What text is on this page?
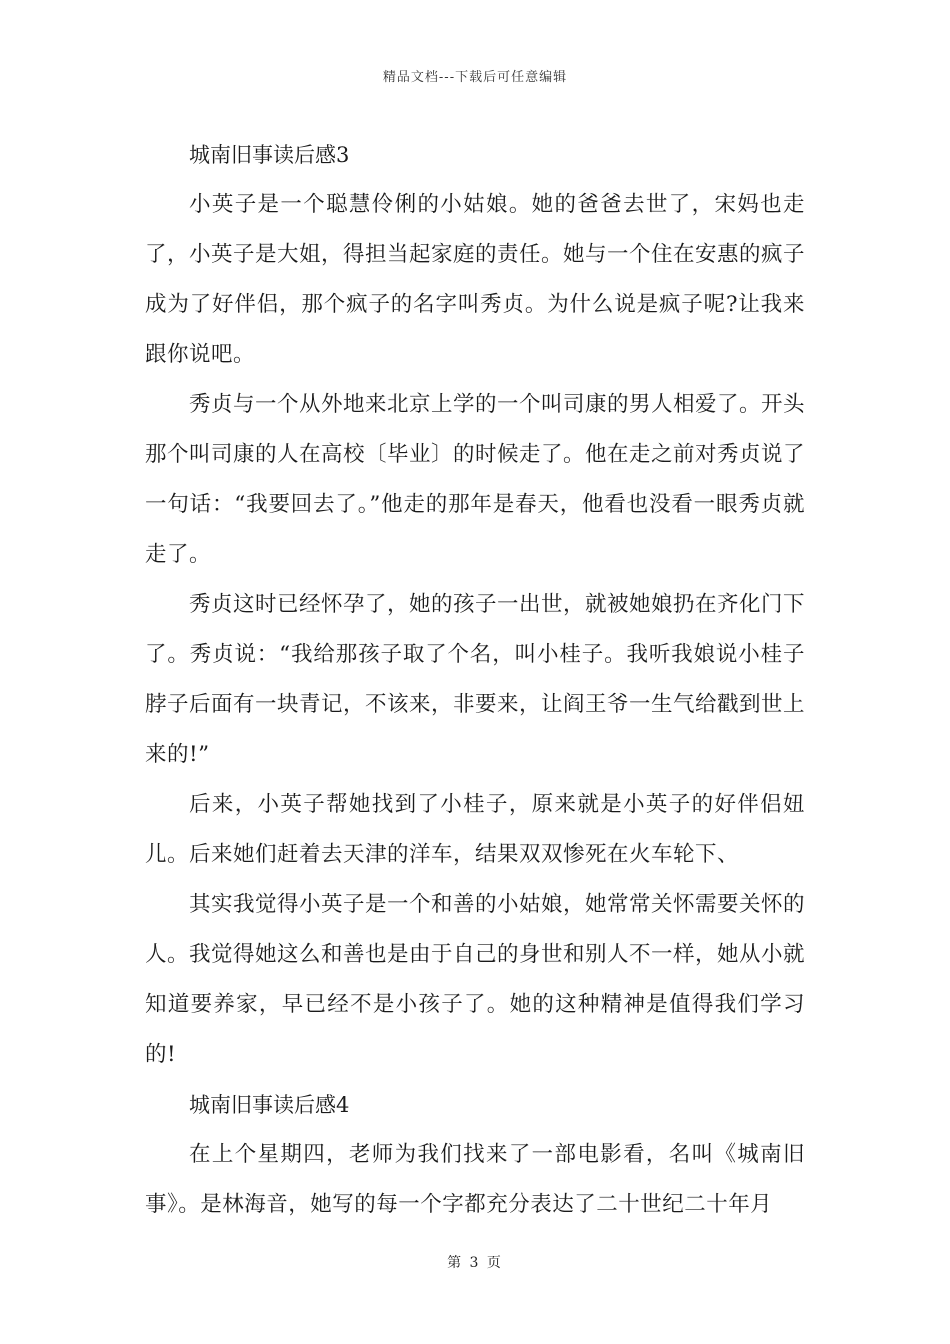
精品文档---下载后可任意编辑
城南旧事读后感3

小英子是一个聪慧伶俐的小姑娘。她的爸爸去世了，宋妈也走了，小英子是大姐，得担当起家庭的责任。她与一个住在安惠的疯子成为了好伴侣，那个疯子的名字叫秀贞。为什么说是疯子呢?让我来跟你说吧。

秀贞与一个从外地来北京上学的一个叫司康的男人相爱了。开头那个叫司康的人在高校〔毕业〕的时候走了。他在走之前对秀贞说了一句话：“我要回去了。”他走的那年是春天，他看也没看一眼秀贞就走了。

秀贞这时已经怀孕了，她的孩子一出世，就被她娘扔在齐化门下了。秀贞说：“我给那孩子取了个名，叫小桂子。我听我娘说小桂子脖子后面有一块青记，不该来，非要来，让阎王爷一生气给戳到世上来的!”

后来，小英子帮她找到了小桂子，原来就是小英子的好伴侣妞儿。后来她们赶着去天津的洋车，结果双双惨死在火车轮下、

其实我觉得小英子是一个和善的小姑娘，她常常关怀需要关怀的人。我觉得她这么和善也是由于自己的身世和别人不一样，她从小就知道要养家，早已经不是小孩子了。她的这种精神是值得我们学习的!

城南旧事读后感4

在上个星期四，老师为我们找来了一部电影看，名叫《城南旧事》。是林海音，她写的每一个字都充分表达了二十世纪二十年月

第 3 页
